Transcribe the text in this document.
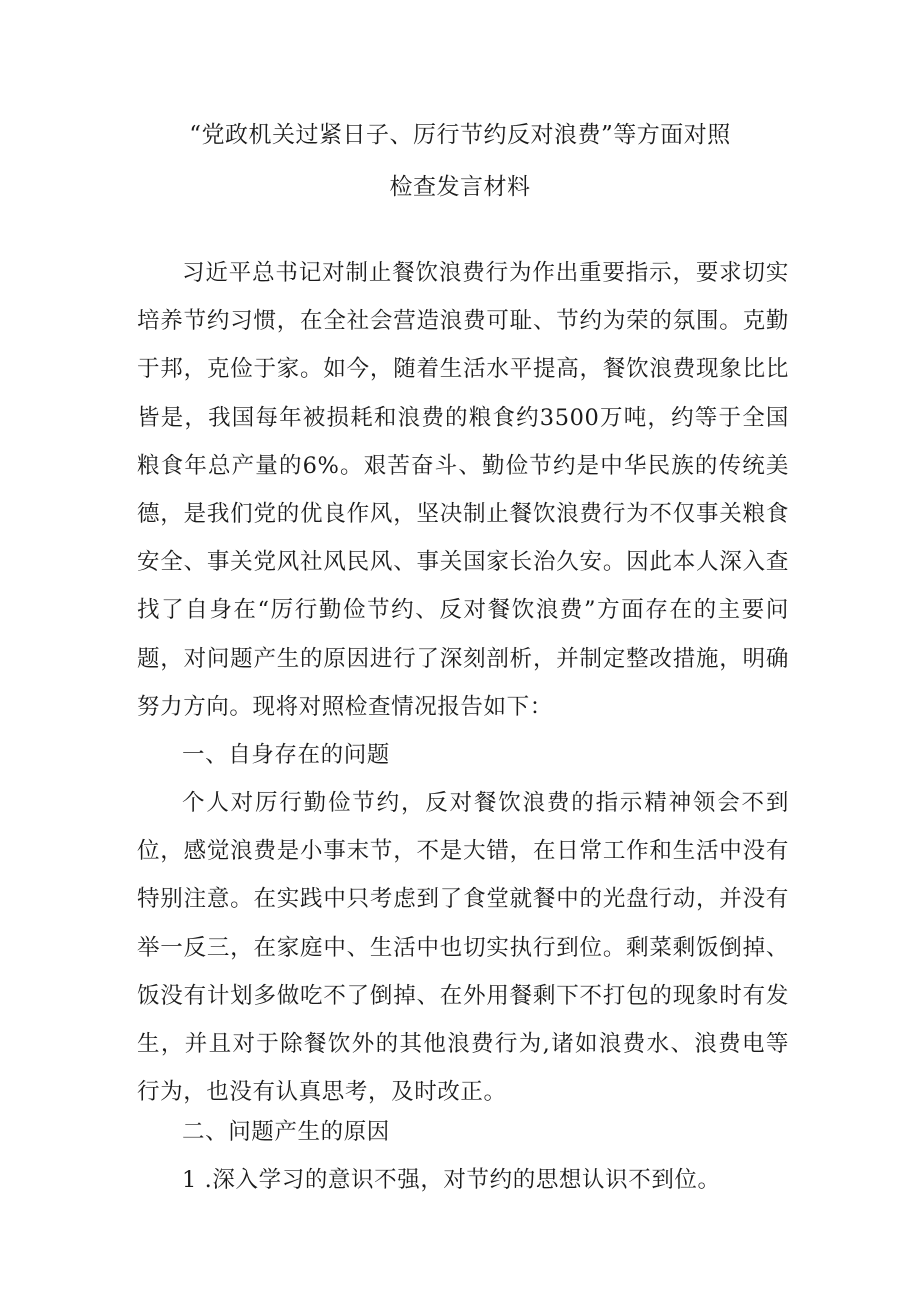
“党政机关过紧日子、厉行节约反对浪费”等方面对照
检查发言材料

习近平总书记对制止餐饮浪费行为作出重要指示，要求切实培养节约习惯，在全社会营造浪费可耻、节约为荣的氛围。克勤于邦，克俭于家。如今，随着生活水平提高，餐饮浪费现象比比皆是，我国每年被损耗和浪费的粮食约3500万吨，约等于全国粮食年总产量的6%。艰苦奋斗、勤俭节约是中华民族的传统美德，是我们党的优良作风，坚决制止餐饮浪费行为不仅事关粮食安全、事关党风社风民风、事关国家长治久安。因此本人深入查找了自身在“厉行勤俭节约、反对餐饮浪费”方面存在的主要问题，对问题产生的原因进行了深刻剖析，并制定整改措施，明确努力方向。现将对照检查情况报告如下：

一、自身存在的问题

个人对厉行勤俭节约，反对餐饮浪费的指示精神领会不到位，感觉浪费是小事末节，不是大错，在日常工作和生活中没有特别注意。在实践中只考虑到了食堂就餐中的光盘行动，并没有举一反三，在家庭中、生活中也切实执行到位。剩菜剩饭倒掉、饭没有计划多做吃不了倒掉、在外用餐剩下不打包的现象时有发生，并且对于除餐饮外的其他浪费行为,诸如浪费水、浪费电等行为，也没有认真思考，及时改正。

二、问题产生的原因

1 .深入学习的意识不强，对节约的思想认识不到位。
